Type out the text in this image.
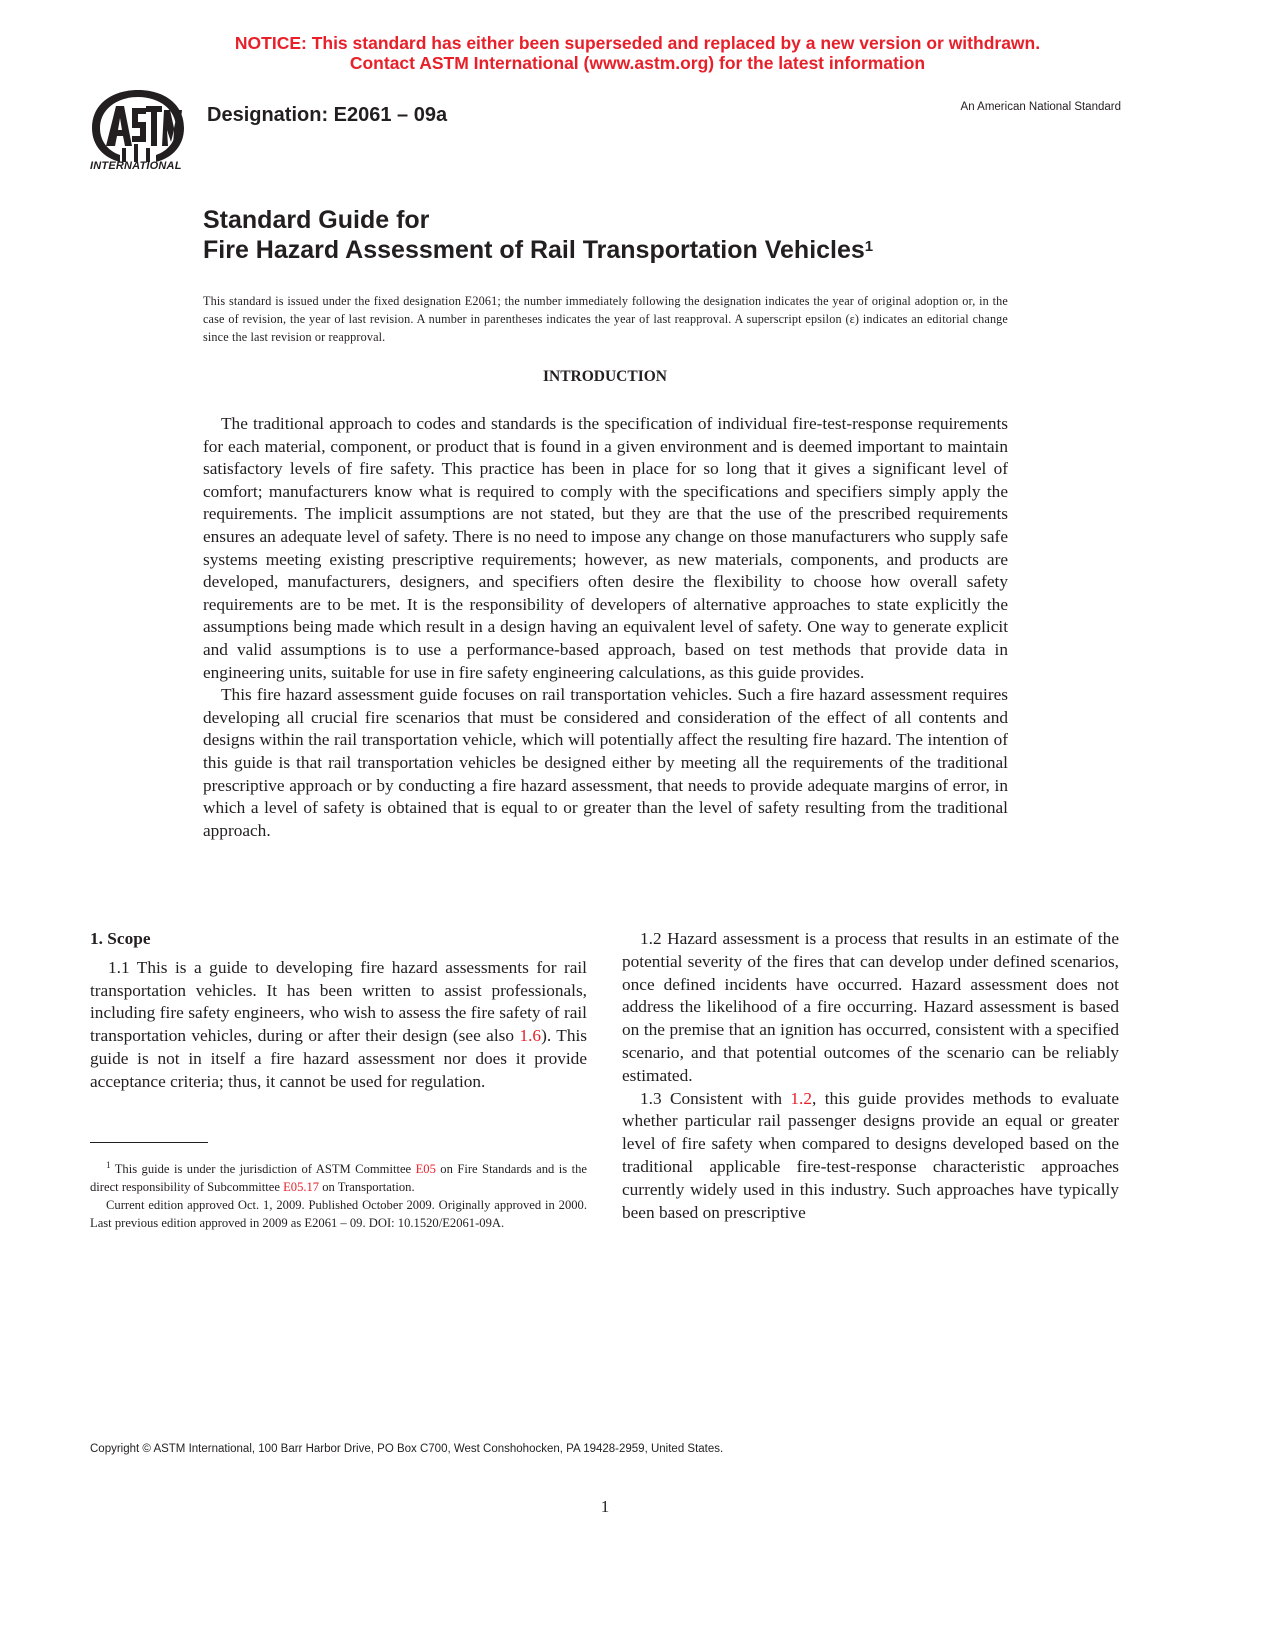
NOTICE: This standard has either been superseded and replaced by a new version or withdrawn.
Contact ASTM International (www.astm.org) for the latest information
INTERNATIONAL
Designation: E2061 – 09a	An American National Standard
Standard Guide for
Fire Hazard Assessment of Rail Transportation Vehicles$^1$
This standard is issued under the fixed designation E2061; the number immediately following the designation indicates the year of original adoption or, in the case of revision, the year of last revision. A number in parentheses indicates the year of last reapproval. A superscript epsilon (ε) indicates an editorial change since the last revision or reapproval.
INTRODUCTION

The traditional approach to codes and standards is the specification of individual fire-test-response requirements for each material, component, or product that is found in a given environment and is deemed important to maintain satisfactory levels of fire safety. This practice has been in place for so long that it gives a significant level of comfort; manufacturers know what is required to comply with the specifications and specifiers simply apply the requirements. The implicit assumptions are not stated, but they are that the use of the prescribed requirements ensures an adequate level of safety. There is no need to impose any change on those manufacturers who supply safe systems meeting existing prescriptive requirements; however, as new materials, components, and products are developed, manufacturers, designers, and specifiers often desire the flexibility to choose how overall safety requirements are to be met. It is the responsibility of developers of alternative approaches to state explicitly the assumptions being made which result in a design having an equivalent level of safety. One way to generate explicit and valid assumptions is to use a performance-based approach, based on test methods that provide data in engineering units, suitable for use in fire safety engineering calculations, as this guide provides.

This fire hazard assessment guide focuses on rail transportation vehicles. Such a fire hazard assessment requires developing all crucial fire scenarios that must be considered and consideration of the effect of all contents and designs within the rail transportation vehicle, which will potentially affect the resulting fire hazard. The intention of this guide is that rail transportation vehicles be designed either by meeting all the requirements of the traditional prescriptive approach or by conducting a fire hazard assessment, that needs to provide adequate margins of error, in which a level of safety is obtained that is equal to or greater than the level of safety resulting from the traditional approach.

1. Scope

1.1 This is a guide to developing fire hazard assessments for rail transportation vehicles. It has been written to assist professionals, including fire safety engineers, who wish to assess the fire safety of rail transportation vehicles, during or after their design (see also 1.6). This guide is not in itself a fire hazard assessment nor does it provide acceptance criteria; thus, it cannot be used for regulation.

$^1$ This guide is under the jurisdiction of ASTM Committee E05 on Fire Standards and is the direct responsibility of Subcommittee E05.17 on Transportation.

Current edition approved Oct. 1, 2009. Published October 2009. Originally approved in 2000. Last previous edition approved in 2009 as E2061 – 09. DOI: 10.1520/E2061-09A.

1.2 Hazard assessment is a process that results in an estimate of the potential severity of the fires that can develop under defined scenarios, once defined incidents have occurred. Hazard assessment does not address the likelihood of a fire occurring. Hazard assessment is based on the premise that an ignition has occurred, consistent with a specified scenario, and that potential outcomes of the scenario can be reliably estimated.

1.3 Consistent with 1.2, this guide provides methods to evaluate whether particular rail passenger designs provide an equal or greater level of fire safety when compared to designs developed based on the traditional applicable fire-test-response characteristic approaches currently widely used in this industry. Such approaches have typically been based on prescriptive

Copyright © ASTM International, 100 Barr Harbor Drive, PO Box C700, West Conshohocken, PA 19428-2959, United States.
1
